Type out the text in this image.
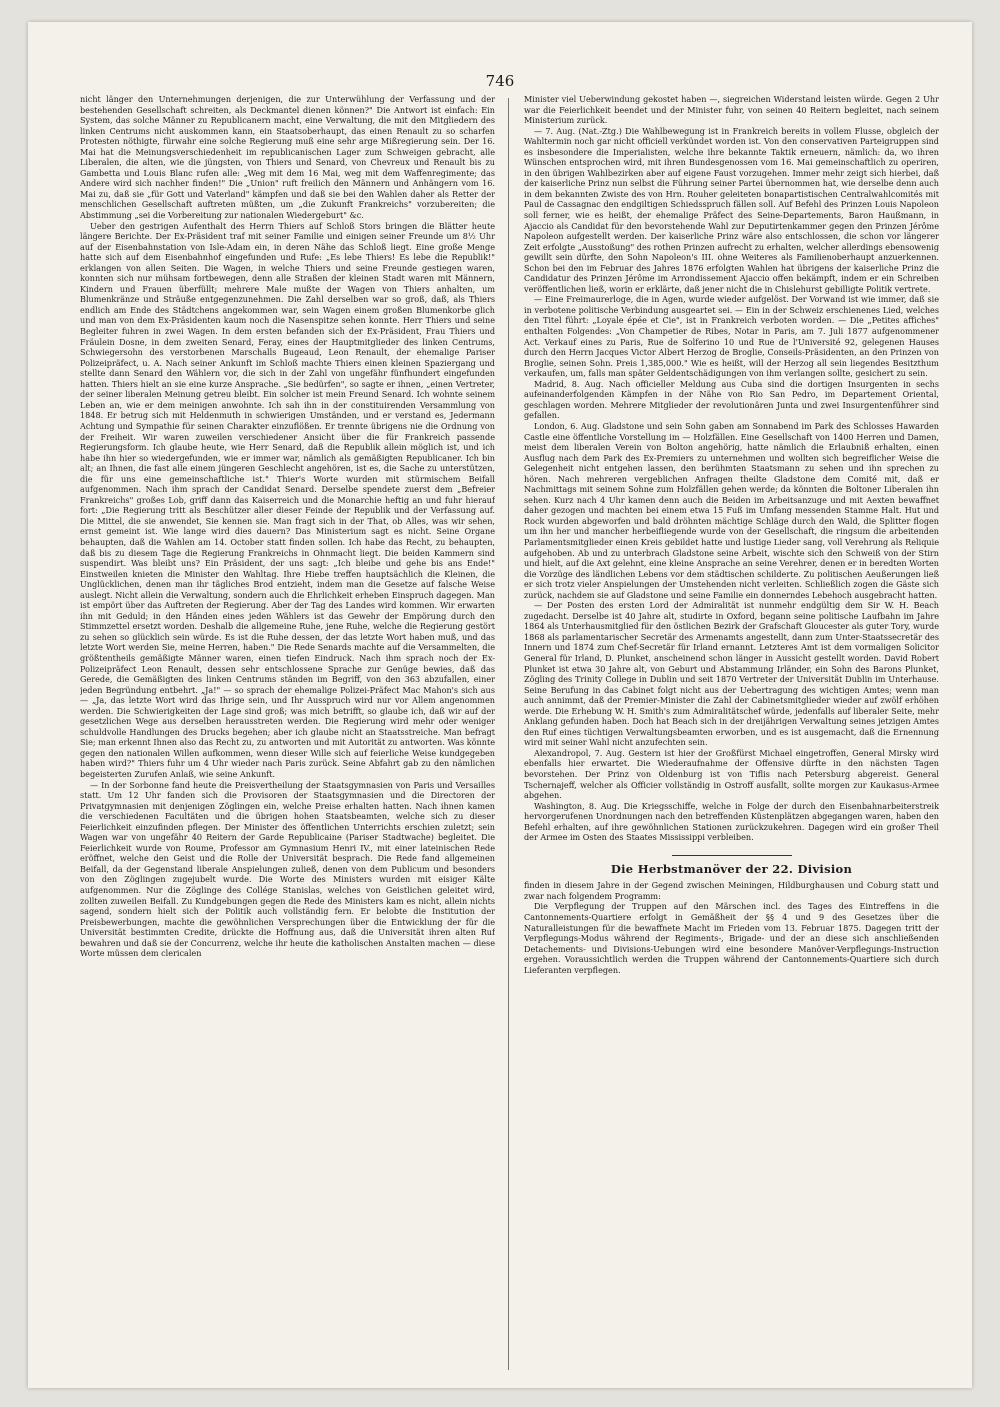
746

nicht länger den Unternehmungen derjenigen, die zur Unterwühlung der Verfassung und der bestehenden Gesellschaft schreiten, als Deckmantel dienen können?" Die Antwort ist einfach: Ein System, das solche Männer zu Republicanern macht, eine Verwaltung, die mit den Mitgliedern des linken Centrums nicht auskommen kann, ein Staatsoberhaupt, das einen Renault zu so scharfen Protesten nöthigte, fürwahr eine solche Regierung muß eine sehr arge Mißregierung sein. Der 16. Mai hat die Meinungsverschiedenheit im republicanischen Lager zum Schweigen gebracht, alle Liberalen, die alten, wie die jüngsten, von Thiers und Senard, von Chevreux und Renault bis zu Gambetta und Louis Blanc rufen alle: „Weg mit dem 16 Mai, weg mit dem Waffenregimente; das Andere wird sich nachher finden!" Die „Union" ruft freilich den Männern und Anhängern vom 16. Mai zu, daß sie „für Gott und Vaterland" kämpfen und daß sie bei den Wahlen daher als Retter der menschlichen Gesellschaft auftreten müßten, um „die Zukunft Frankreichs" vorzubereiten; die Abstimmung „sei die Vorbereitung zur nationalen Wiedergeburt" &c.

Ueber den gestrigen Aufenthalt des Herrn Thiers auf Schloß Stors bringen die Blätter heute längere Berichte. Der Ex-Präsident traf mit seiner Familie und einigen seiner Freunde um 8½ Uhr auf der Eisenbahnstation von Isle-Adam ein, in deren Nähe das Schloß liegt. Eine große Menge hatte sich auf dem Eisenbahnhof eingefunden und Rufe: „Es lebe Thiers! Es lebe die Republik!" erklangen von allen Seiten. Die Wagen, in welche Thiers und seine Freunde gestiegen waren, konnten sich nur mühsam fortbewegen, denn alle Straßen der kleinen Stadt waren mit Männern, Kindern und Frauen überfüllt; mehrere Male mußte der Wagen von Thiers anhalten, um Blumenkränze und Sträuße entgegenzunehmen. Die Zahl derselben war so groß, daß, als Thiers endlich am Ende des Städtchens angekommen war, sein Wagen einem großen Blumenkorbe glich und man von dem Ex-Präsidenten kaum noch die Nasenspitze sehen konnte. Herr Thiers und seine Begleiter fuhren in zwei Wagen. In dem ersten befanden sich der Ex-Präsident, Frau Thiers und Fräulein Dosne, in dem zweiten Senard, Feray, eines der Hauptmitglieder des linken Centrums, Schwiegersohn des verstorbenen Marschalls Bugeaud, Leon Renault, der ehemalige Pariser Polizeipräfect, u. A. Nach seiner Ankunft im Schloß machte Thiers einen kleinen Spaziergang und stellte dann Senard den Wählern vor, die sich in der Zahl von ungefähr fünfhundert eingefunden hatten. Thiers hielt an sie eine kurze Ansprache. „Sie bedürfen", so sagte er ihnen, „einen Vertreter, der seiner liberalen Meinung getreu bleibt. Ein solcher ist mein Freund Senard. Ich wohnte seinem Leben an, wie er dem meinigen anwohnte. Ich sah ihn in der constituirenden Versammlung von 1848. Er betrug sich mit Heldenmuth in schwierigen Umständen, und er verstand es, Jedermann Achtung und Sympathie für seinen Charakter einzuflößen. Er trennte übrigens nie die Ordnung von der Freiheit. Wir waren zuweilen verschiedener Ansicht über die für Frankreich passende Regierungsform. Ich glaube heute, wie Herr Senard, daß die Republik allein möglich ist, und ich habe ihn hier so wiedergefunden, wie er immer war, nämlich als gemäßigten Republicaner. Ich bin alt; an Ihnen, die fast alle einem jüngeren Geschlecht angehören, ist es, die Sache zu unterstützen, die für uns eine gemeinschaftliche ist." Thier's Worte wurden mit stürmischem Beifall aufgenommen. Nach ihm sprach der Candidat Senard. Derselbe spendete zuerst dem „Befreier Frankreichs" großes Lob, griff dann das Kaiserreich und die Monarchie heftig an und fuhr hierauf fort: „Die Regierung tritt als Beschützer aller dieser Feinde der Republik und der Verfassung auf. Die Mittel, die sie anwendet, Sie kennen sie. Man fragt sich in der That, ob Alles, was wir sehen, ernst gemeint ist. Wie lange wird dies dauern? Das Ministerium sagt es nicht. Seine Organe behaupten, daß die Wahlen am 14. October statt finden sollen. Ich habe das Recht, zu behaupten, daß bis zu diesem Tage die Regierung Frankreichs in Ohnmacht liegt. Die beiden Kammern sind suspendirt. Was bleibt uns? Ein Präsident, der uns sagt: „Ich bleibe und gehe bis ans Ende!" Einstweilen knieten die Minister den Wahltag. Ihre Hiebe treffen hauptsächlich die Kleinen, die Unglücklichen, denen man ihr tägliches Brod entzieht, indem man die Gesetze auf falsche Weise auslegt. Nicht allein die Verwaltung, sondern auch die Ehrlichkeit erheben Einspruch dagegen. Man ist empört über das Auftreten der Regierung. Aber der Tag des Landes wird kommen. Wir erwarten ihn mit Geduld; in den Händen eines jeden Wählers ist das Gewehr der Empörung durch den Stimmzettel ersetzt worden. Deshalb die allgemeine Ruhe, jene Ruhe, welche die Regierung gestört zu sehen so glücklich sein würde. Es ist die Ruhe dessen, der das letzte Wort haben muß, und das letzte Wort werden Sie, meine Herren, haben." Die Rede Senards machte auf die Versammelten, die größtentheils gemäßigte Männer waren, einen tiefen Eindruck. Nach ihm sprach noch der Ex-Polizeipräfect Leon Renault, dessen sehr entschlossene Sprache zur Genüge bewies, daß das Gerede, die Gemäßigten des linken Centrums ständen im Begriff, von den 363 abzufallen, einer jeden Begründung entbehrt. „Ja!" — so sprach der ehemalige Polizei-Präfect Mac Mahon's sich aus — „Ja, das letzte Wort wird das Ihrige sein, und Ihr Ausspruch wird nur vor Allem angenommen werden. Die Schwierigkeiten der Lage sind groß; was mich betrifft, so glaube ich, daß wir auf der gesetzlichen Wege aus derselben herausstreten werden. Die Regierung wird mehr oder weniger schuldvolle Handlungen des Drucks begehen; aber ich glaube nicht an Staatsstreiche. Man befragt Sie; man erkennt Ihnen also das Recht zu, zu antworten und mit Autorität zu antworten. Was könnte gegen den nationalen Willen aufkommen, wenn dieser Wille sich auf feierliche Weise kundgegeben haben wird?" Thiers fuhr um 4 Uhr wieder nach Paris zurück. Seine Abfahrt gab zu den nämlichen begeisterten Zurufen Anlaß, wie seine Ankunft.

— In der Sorbonne fand heute die Preisvertheilung der Staatsgymnasien von Paris und Versailles statt. Um 12 Uhr fanden sich die Provisoren der Staatsgymnasien und die Directoren der Privatgymnasien mit denjenigen Zöglingen ein, welche Preise erhalten hatten. Nach ihnen kamen die verschiedenen Facultäten und die übrigen hohen Staatsbeamten, welche sich zu dieser Feierlichkeit einzufinden pflegen. Der Minister des öffentlichen Unterrichts erschien zuletzt; sein Wagen war von ungefähr 40 Reitern der Garde Republicaine (Pariser Stadtwache) begleitet. Die Feierlichkeit wurde von Roume, Professor am Gymnasium Henri IV., mit einer lateinischen Rede eröffnet, welche den Geist und die Rolle der Universität besprach. Die Rede fand allgemeinen Beifall, da der Gegenstand liberale Anspielungen zuließ, denen von dem Publicum und besonders von den Zöglingen zugejubelt wurde. Die Worte des Ministers wurden mit eisiger Kälte aufgenommen. Nur die Zöglinge des Collége Stanislas, welches von Geistlichen geleitet wird, zollten zuweilen Beifall. Zu Kundgebungen gegen die Rede des Ministers kam es nicht, allein nichts sagend, sondern hielt sich der Politik auch vollständig fern. Er belobte die Institution der Preisbewerbungen, machte die gewöhnlichen Versprechungen über die Entwicklung der für die Universität bestimmten Credite, drückte die Hoffnung aus, daß die Universität ihren alten Ruf bewahren und daß sie der Concurrenz, welche ihr heute die katholischen Anstalten machen — diese Worte müssen dem clericalen

Minister viel Ueberwindung gekostet haben —, siegreichen Widerstand leisten würde. Gegen 2 Uhr war die Feierlichkeit beendet und der Minister fuhr, von seinen 40 Reitern begleitet, nach seinem Ministerium zurück.

— 7. Aug. (Nat.-Ztg.) Die Wahlbewegung ist in Frankreich bereits in vollem Flusse, obgleich der Wahltermin noch gar nicht officiell verkündet worden ist. Von den conservativen Parteigruppen sind es insbesondere die Imperialisten, welche ihre bekannte Taktik erneuern, nämlich: da, wo ihren Wünschen entsprochen wird, mit ihren Bundesgenossen vom 16. Mai gemeinschaftlich zu operiren, in den übrigen Wahlbezirken aber auf eigene Faust vorzugehen. Immer mehr zeigt sich hierbei, daß der kaiserliche Prinz nun selbst die Führung seiner Partei übernommen hat, wie derselbe denn auch in dem bekannten Zwiste des von Hrn. Rouher geleiteten bonapartistischen Centralwahlcomités mit Paul de Cassagnac den endgiltigen Schiedsspruch fällen soll. Auf Befehl des Prinzen Louis Napoleon soll ferner, wie es heißt, der ehemalige Präfect des Seine-Departements, Baron Haußmann, in Ajaccio als Candidat für den bevorstehende Wahl zur Deputirtenkammer gegen den Prinzen Jérôme Napoleon aufgestellt werden. Der kaiserliche Prinz wäre also entschlossen, die schon vor längerer Zeit erfolgte „Ausstoßung" des rothen Prinzen aufrecht zu erhalten, welcher allerdings ebensowenig gewillt sein dürfte, den Sohn Napoleon's III. ohne Weiteres als Familienoberhaupt anzuerkennen. Schon bei den im Februar des Jahres 1876 erfolgten Wahlen hat übrigens der kaiserliche Prinz die Candidatur des Prinzen Jérôme im Arrondissement Ajaccio offen bekämpft, indem er ein Schreiben veröffentlichen ließ, worin er erklärte, daß jener nicht die in Chislehurst gebilligte Politik vertrete.

— Eine Freimaurerloge, die in Agen, wurde wieder aufgelöst. Der Vorwand ist wie immer, daß sie in verbotene politische Verbindung ausgeartet sei. — Ein in der Schweiz erschienenes Lied, welches den Titel führt: „Loyale épée et Cie", ist in Frankreich verboten worden. — Die „Petites affiches" enthalten Folgendes: „Von Champetier de Ribes, Notar in Paris, am 7. Juli 1877 aufgenommener Act. Verkauf eines zu Paris, Rue de Solferino 10 und Rue de l'Université 92, gelegenen Hauses durch den Herrn Jacques Victor Albert Herzog de Broglie, Conseils-Präsidenten, an den Prinzen von Broglie, seinen Sohn. Preis 1,385,000." Wie es heißt, will der Herzog all sein liegendes Besitzthum verkaufen, um, falls man später Geldentschädigungen von ihm verlangen sollte, gesichert zu sein.

Madrid, 8. Aug. Nach officieller Meldung aus Cuba sind die dortigen Insurgenten in sechs aufeinanderfolgenden Kämpfen in der Nähe von Rio San Pedro, im Departement Oriental, geschlagen worden. Mehrere Mitglieder der revolutionären Junta und zwei Insurgentenführer sind gefallen.

London, 6. Aug. Gladstone und sein Sohn gaben am Sonnabend im Park des Schlosses Hawarden Castle eine öffentliche Vorstellung im — Holzfällen. Eine Gesellschaft von 1400 Herren und Damen, meist dem liberalen Verein von Bolton angehörig, hatte nämlich die Erlaubniß erhalten, einen Ausflug nach dem Park des Ex-Premiers zu unternehmen und wollten sich begreiflicher Weise die Gelegenheit nicht entgehen lassen, den berühmten Staatsmann zu sehen und ihn sprechen zu hören. Nach mehreren vergeblichen Anfragen theilte Gladstone dem Comité mit, daß er Nachmittags mit seinem Sohne zum Holzfällen gehen werde; da könnten die Boltoner Liberalen ihn sehen. Kurz nach 4 Uhr kamen denn auch die Beiden im Arbeitsanzuge und mit Aexten bewaffnet daher gezogen und machten bei einem etwa 15 Fuß im Umfang messenden Stamme Halt. Hut und Rock wurden abgeworfen und bald dröhnten mächtige Schläge durch den Wald, die Splitter flogen um ihn her und mancher herbeifliegende wurde von der Gesellschaft, die ringsum die arbeitenden Parlamentsmitglieder einen Kreis gebildet hatte und lustige Lieder sang, voll Verehrung als Reliquie aufgehoben. Ab und zu unterbrach Gladstone seine Arbeit, wischte sich den Schweiß von der Stirn und hielt, auf die Axt gelehnt, eine kleine Ansprache an seine Verehrer, denen er in beredten Worten die Vorzüge des ländlichen Lebens vor dem städtischen schilderte. Zu politischen Aeußerungen ließ er sich trotz vieler Anspielungen der Umstehenden nicht verleiten. Schließlich zogen die Gäste sich zurück, nachdem sie auf Gladstone und seine Familie ein donnerndes Lebehoch ausgebracht hatten.

— Der Posten des ersten Lord der Admiralität ist nunmehr endgültig dem Sir W. H. Beach zugedacht. Derselbe ist 40 Jahre alt, studirte in Oxford, begann seine politische Laufbahn im Jahre 1864 als Unterhausmitglied für den östlichen Bezirk der Grafschaft Gloucester als guter Tory, wurde 1868 als parlamentarischer Secretär des Armenamts angestellt, dann zum Unter-Staatssecretär des Innern und 1874 zum Chef-Secretär für Irland ernannt. Letzteres Amt ist dem vormaligen Solicitor General für Irland, D. Plunket, anscheinend schon länger in Aussicht gestellt worden. David Robert Plunket ist etwa 30 Jahre alt, von Geburt und Abstammung Irländer, ein Sohn des Barons Plunket, Zögling des Trinity College in Dublin und seit 1870 Vertreter der Universität Dublin im Unterhause. Seine Berufung in das Cabinet folgt nicht aus der Uebertragung des wichtigen Amtes; wenn man auch annimmt, daß der Premier-Minister die Zahl der Cabinetsmitglieder wieder auf zwölf erhöhen werde. Die Erhebung W. H. Smith's zum Admiralitätschef würde, jedenfalls auf liberaler Seite, mehr Anklang gefunden haben. Doch hat Beach sich in der dreijährigen Verwaltung seines jetzigen Amtes den Ruf eines tüchtigen Verwaltungsbeamten erworben, und es ist ausgemacht, daß die Ernennung wird mit seiner Wahl nicht anzufechten sein.

Alexandropol, 7. Aug. Gestern ist hier der Großfürst Michael eingetroffen, General Mirsky wird ebenfalls hier erwartet. Die Wiederaufnahme der Offensive dürfte in den nächsten Tagen bevorstehen. Der Prinz von Oldenburg ist von Tiflis nach Petersburg abgereist. General Tschernajeff, welcher als Officier vollständig in Ostroff ausfallt, sollte morgen zur Kaukasus-Armee abgehen.

Washington, 8. Aug. Die Kriegsschiffe, welche in Folge der durch den Eisenbahnarbeiterstreik hervorgerufenen Unordnungen nach den betreffenden Küstenplätzen abgegangen waren, haben den Befehl erhalten, auf ihre gewöhnlichen Stationen zurückzukehren. Dagegen wird ein großer Theil der Armee im Osten des Staates Mississippi verbleiben.

Die Herbstmanöver der 22. Division

finden in diesem Jahre in der Gegend zwischen Meiningen, Hildburghausen und Coburg statt und zwar nach folgendem Programm:

Die Verpflegung der Truppen auf den Märschen incl. des Tages des Eintreffens in die Cantonnements-Quartiere erfolgt in Gemäßheit der §§ 4 und 9 des Gesetzes über die Naturalleistungen für die bewaffnete Macht im Frieden vom 13. Februar 1875. Dagegen tritt der Verpflegungs-Modus während der Regiments-, Brigade- und der an diese sich anschließenden Detachements- und Divisions-Uebungen wird eine besondere Manöver-Verpflegungs-Instruction ergehen. Voraussichtlich werden die Truppen während der Cantonnements-Quartiere sich durch Lieferanten verpflegen.
